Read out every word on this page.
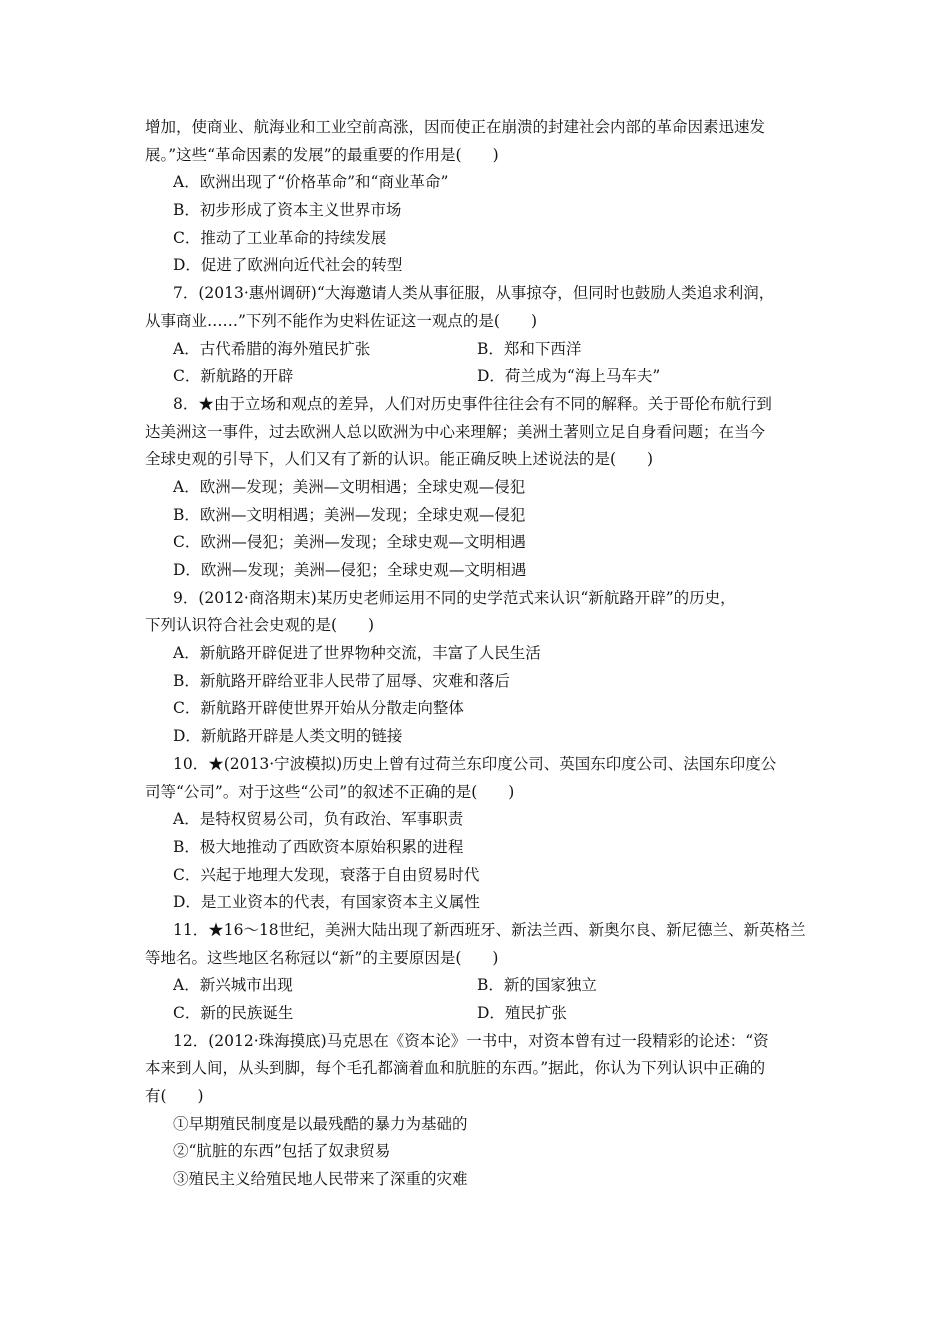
增加，使商业、航海业和工业空前高涨，因而使正在崩溃的封建社会内部的革命因素迅速发
展。”这些“革命因素的发展”的最重要的作用是(　　)
A．欧洲出现了“价格革命”和“商业革命”
B．初步形成了资本主义世界市场
C．推动了工业革命的持续发展
D．促进了欧洲向近代社会的转型
7．(2013·惠州调研)“大海邀请人类从事征服，从事掠夺，但同时也鼓励人类追求利润，
从事商业……”下列不能作为史料佐证这一观点的是(　　)
A．古代希腊的海外殖民扩张	B．郑和下西洋
C．新航路的开辟	D．荷兰成为“海上马车夫”
8．★由于立场和观点的差异，人们对历史事件往往会有不同的解释。关于哥伦布航行到
达美洲这一事件，过去欧洲人总以欧洲为中心来理解；美洲土著则立足自身看问题；在当今
全球史观的引导下，人们又有了新的认识。能正确反映上述说法的是(　　)
A．欧洲—发现；美洲—文明相遇；全球史观—侵犯
B．欧洲—文明相遇；美洲—发现；全球史观—侵犯
C．欧洲—侵犯；美洲—发现；全球史观—文明相遇
D．欧洲—发现；美洲—侵犯；全球史观—文明相遇
9．(2012·商洛期末)某历史老师运用不同的史学范式来认识“新航路开辟”的历史，
下列认识符合社会史观的是(　　)
A．新航路开辟促进了世界物种交流，丰富了人民生活
B．新航路开辟给亚非人民带了屈辱、灾难和落后
C．新航路开辟使世界开始从分散走向整体
D．新航路开辟是人类文明的链接
10．★(2013·宁波模拟)历史上曾有过荷兰东印度公司、英国东印度公司、法国东印度公
司等“公司”。对于这些“公司”的叙述不正确的是(　　)
A．是特权贸易公司，负有政治、军事职责
B．极大地推动了西欧资本原始积累的进程
C．兴起于地理大发现，衰落于自由贸易时代
D．是工业资本的代表，有国家资本主义属性
11．★16～18世纪，美洲大陆出现了新西班牙、新法兰西、新奥尔良、新尼德兰、新英格兰
等地名。这些地区名称冠以“新”的主要原因是(　　)
A．新兴城市出现	B．新的国家独立
C．新的民族诞生	D．殖民扩张
12．(2012·珠海摸底)马克思在《资本论》一书中，对资本曾有过一段精彩的论述：“资
本来到人间，从头到脚，每个毛孔都滴着血和肮脏的东西。”据此，你认为下列认识中正确的
有(　　)
①早期殖民制度是以最残酷的暴力为基础的
②“肮脏的东西”包括了奴隶贸易
③殖民主义给殖民地人民带来了深重的灾难
